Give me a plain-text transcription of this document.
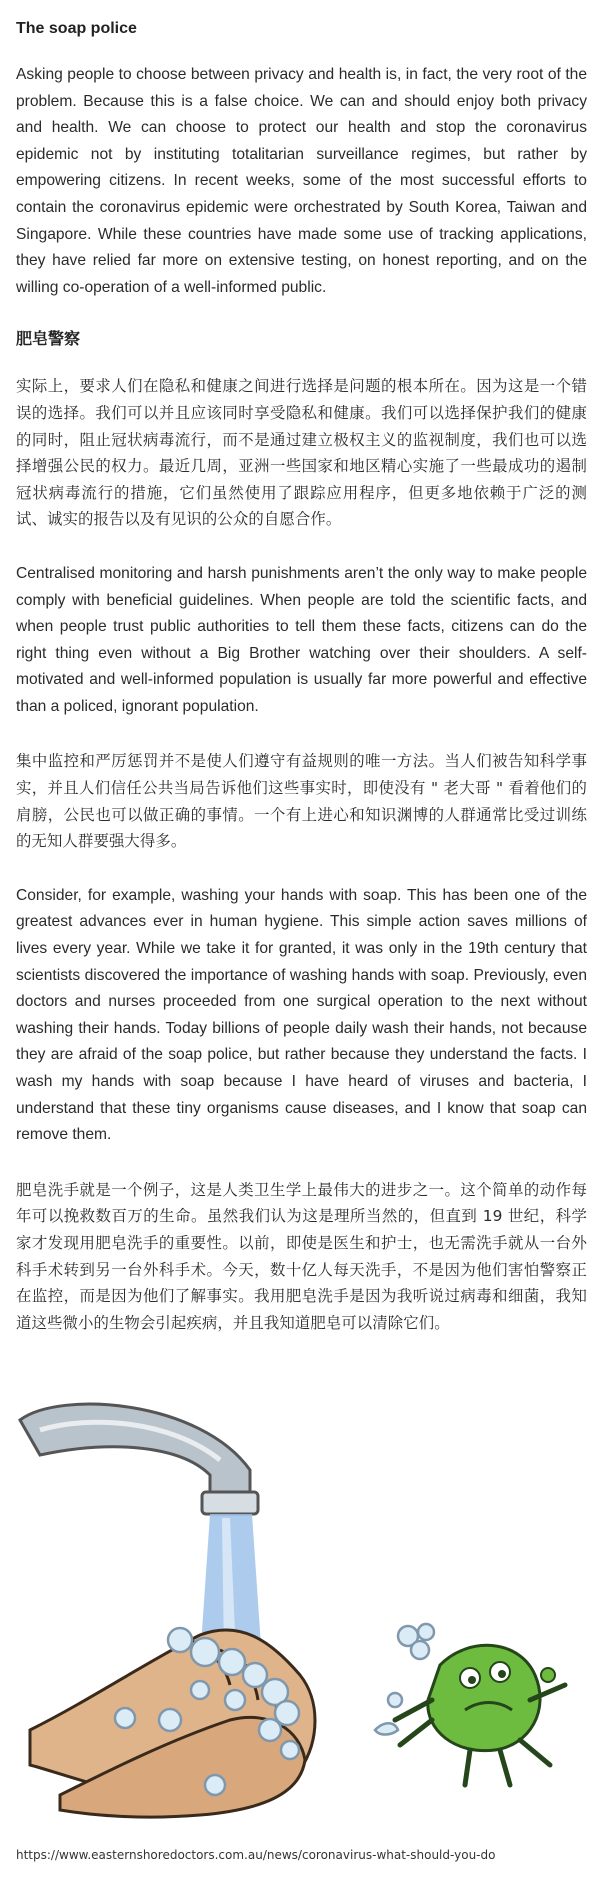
The soap police

Asking people to choose between privacy and health is, in fact, the very root of the problem. Because this is a false choice. We can and should enjoy both privacy and health. We can choose to protect our health and stop the coronavirus epidemic not by instituting totalitarian surveillance regimes, but rather by empowering citizens. In recent weeks, some of the most successful efforts to contain the coronavirus epidemic were orchestrated by South Korea, Taiwan and Singapore. While these countries have made some use of tracking applications, they have relied far more on extensive testing, on honest reporting, and on the willing co-operation of a well-informed public.

肥皂警察

实际上，要求人们在隐私和健康之间进行选择是问题的根本所在。因为这是一个错误的选择。我们可以并且应该同时享受隐私和健康。我们可以选择保护我们的健康的同时，阻止冠状病毒流行，而不是通过建立极权主义的监视制度，我们也可以选择增强公民的权力。最近几周，亚洲一些国家和地区精心实施了一些最成功的遏制冠状病毒流行的措施，它们虽然使用了跟踪应用程序，但更多地依赖于广泛的测试、诚实的报告以及有见识的公众的自愿合作。

Centralised monitoring and harsh punishments aren’t the only way to make people comply with beneficial guidelines. When people are told the scientific facts, and when people trust public authorities to tell them these facts, citizens can do the right thing even without a Big Brother watching over their shoulders. A self-motivated and well-informed population is usually far more powerful and effective than a policed, ignorant population.

集中监控和严厉惩罚并不是使人们遵守有益规则的唯一方法。当人们被告知科学事实，并且人们信任公共当局告诉他们这些事实时，即使没有 " 老大哥 " 看着他们的肩膀，公民也可以做正确的事情。一个有上进心和知识渊博的人群通常比受过训练的无知人群要强大得多。

Consider, for example, washing your hands with soap. This has been one of the greatest advances ever in human hygiene. This simple action saves millions of lives every year. While we take it for granted, it was only in the 19th century that scientists discovered the importance of washing hands with soap. Previously, even doctors and nurses proceeded from one surgical operation to the next without washing their hands. Today billions of people daily wash their hands, not because they are afraid of the soap police, but rather because they understand the facts. I wash my hands with soap because I have heard of viruses and bacteria, I understand that these tiny organisms cause diseases, and I know that soap can remove them.

肥皂洗手就是一个例子，这是人类卫生学上最伟大的进步之一。这个简单的动作每年可以挽救数百万的生命。虽然我们认为这是理所当然的，但直到 19 世纪，科学家才发现用肥皂洗手的重要性。以前，即使是医生和护士，也无需洗手就从一台外科手术转到另一台外科手术。今天，数十亿人每天洗手，不是因为他们害怕警察正在监控，而是因为他们了解事实。我用肥皂洗手是因为我听说过病毒和细菌，我知道这些微小的生物会引起疾病，并且我知道肥皂可以清除它们。

https://www.easternshoredoctors.com.au/news/coronavirus-what-should-you-do
